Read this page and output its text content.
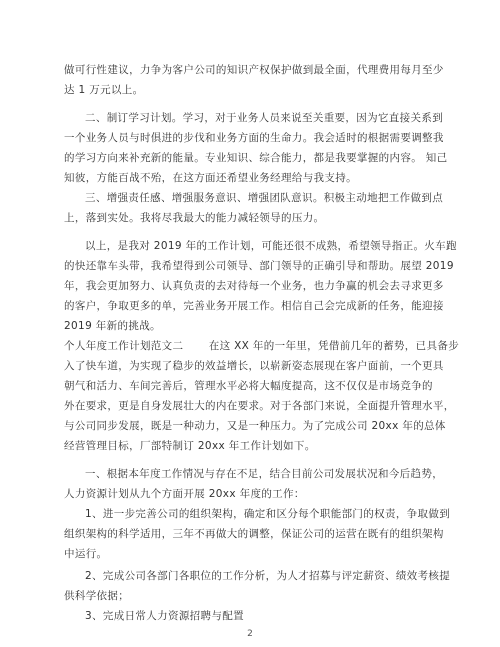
做可行性建议，力争为客户公司的知识产权保护做到最全面，代理费用每月至少
达 1 万元以上。
二、制订学习计划。学习，对于业务人员来说至关重要，因为它直接关系到
一个业务人员与时俱进的步伐和业务方面的生命力。我会适时的根据需要调整我
的学习方向来补充新的能量。专业知识、综合能力，都是我要掌握的内容。 知己
知彼，方能百战不殆，在这方面还希望业务经理给与我支持。
三、增强责任感、增强服务意识、增强团队意识。积极主动地把工作做到点
上，落到实处。我将尽我最大的能力减轻领导的压力。
以上，是我对 2019 年的工作计划，可能还很不成熟，希望领导指正。火车跑
的快还靠车头带，我希望得到公司领导、部门领导的正确引导和帮助。展望 2019
年，我会更加努力、认真负责的去对待每一个业务，也力争赢的机会去寻求更多
的客户，争取更多的单，完善业务开展工作。相信自己会完成新的任务，能迎接
2019 年新的挑战。
个人年度工作计划范文二 　　在这 XX 年的一年里，凭借前几年的蓄势，已具备步
入了快车道，为实现了稳步的效益增长，以崭新姿态展现在客户面前，一个更具
朝气和活力、车间完善后，管理水平必将大幅度提高，这不仅仅是市场竞争的
外在要求，更是自身发展壮大的内在要求。对于各部门来说，全面提升管理水平，
与公司同步发展，既是一种动力，又是一种压力。为了完成公司 20xx 年的总体
经营管理目标，厂部特制订 20xx 年工作计划如下。
一、根据本年度工作情况与存在不足，结合目前公司发展状况和今后趋势，
人力资源计划从九个方面开展 20xx 年度的工作：
1、进一步完善公司的组织架构，确定和区分每个职能部门的权责，争取做到
组织架构的科学适用，三年不再做大的调整，保证公司的运营在既有的组织架构
中运行。
2、完成公司各部门各职位的工作分析，为人才招募与评定薪资、绩效考核提
供科学依据；
3、完成日常人力资源招聘与配置
2
